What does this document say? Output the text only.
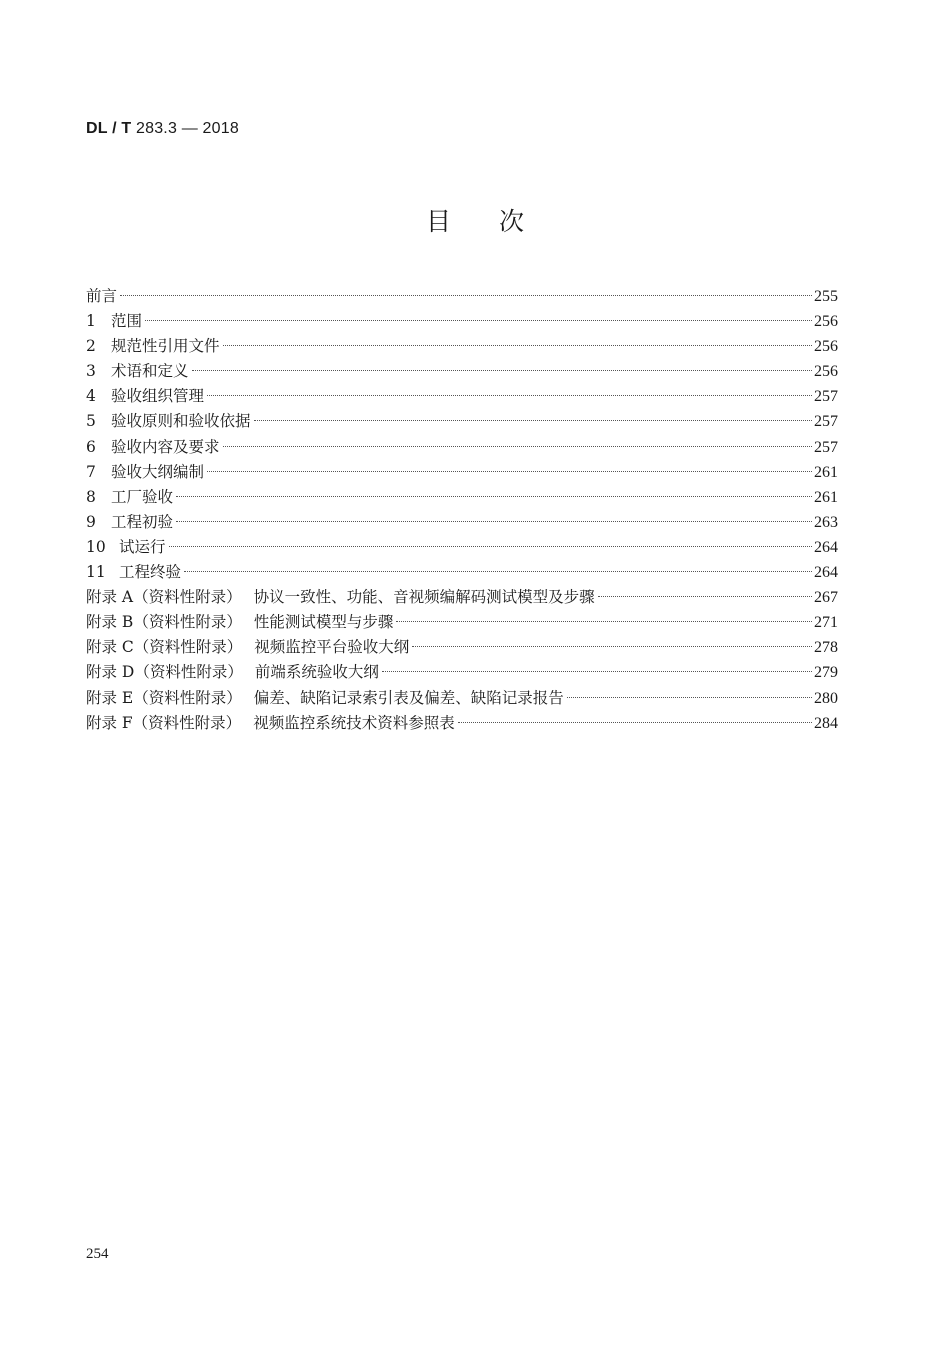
DL / T 283.3 — 2018
目次
前言	255
1 范围	256
2 规范性引用文件	256
3 术语和定义	256
4 验收组织管理	257
5 验收原则和验收依据	257
6 验收内容及要求	257
7 验收大纲编制	261
8 工厂验收	261
9 工程初验	263
10 试运行	264
11 工程终验	264
附录 A（资料性附录） 协议一致性、功能、音视频编解码测试模型及步骤	267
附录 B（资料性附录） 性能测试模型与步骤	271
附录 C（资料性附录） 视频监控平台验收大纲	278
附录 D（资料性附录） 前端系统验收大纲	279
附录 E（资料性附录） 偏差、缺陷记录索引表及偏差、缺陷记录报告	280
附录 F（资料性附录） 视频监控系统技术资料参照表	284
254
